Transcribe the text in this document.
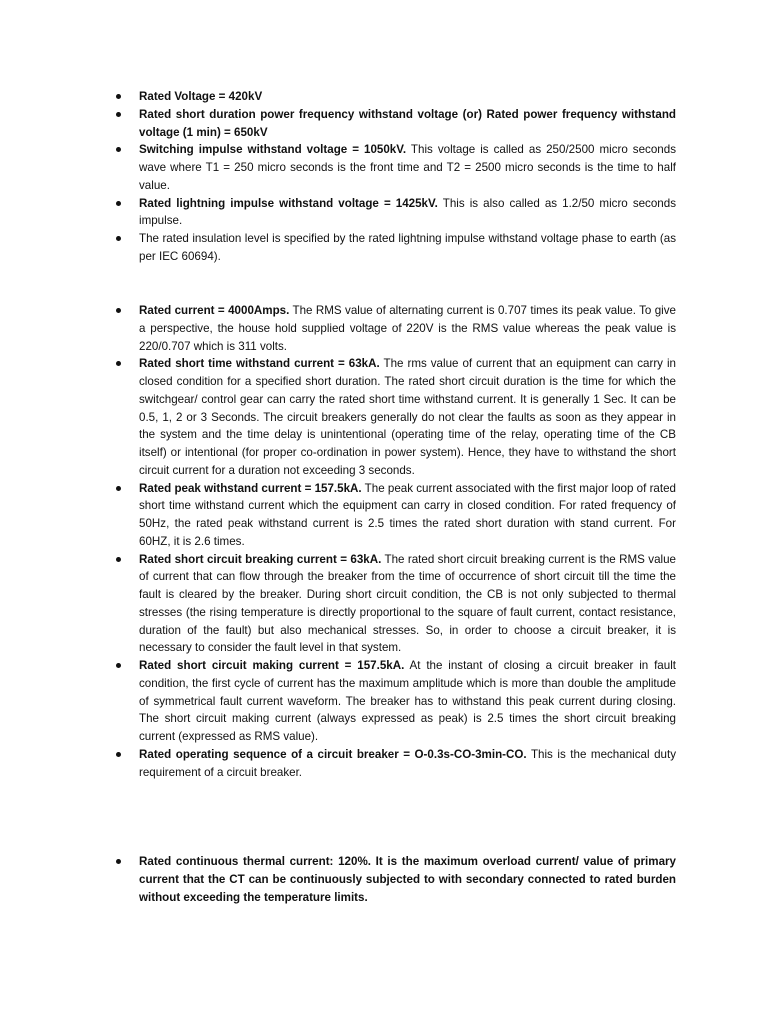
Rated Voltage = 420kV
Rated short duration power frequency withstand voltage (or) Rated power frequency withstand voltage (1 min) = 650kV
Switching impulse withstand voltage = 1050kV. This voltage is called as 250/2500 micro seconds wave where T1 = 250 micro seconds is the front time and T2 = 2500 micro seconds is the time to half value.
Rated lightning impulse withstand voltage = 1425kV. This is also called as 1.2/50 micro seconds impulse.
The rated insulation level is specified by the rated lightning impulse withstand voltage phase to earth (as per IEC 60694).
Rated current = 4000Amps. The RMS value of alternating current is 0.707 times its peak value. To give a perspective, the house hold supplied voltage of 220V is the RMS value whereas the peak value is 220/0.707 which is 311 volts.
Rated short time withstand current = 63kA. The rms value of current that an equipment can carry in closed condition for a specified short duration. The rated short circuit duration is the time for which the switchgear/ control gear can carry the rated short time withstand current. It is generally 1 Sec. It can be 0.5, 1, 2 or 3 Seconds. The circuit breakers generally do not clear the faults as soon as they appear in the system and the time delay is unintentional (operating time of the relay, operating time of the CB itself) or intentional (for proper co-ordination in power system). Hence, they have to withstand the short circuit current for a duration not exceeding 3 seconds.
Rated peak withstand current = 157.5kA. The peak current associated with the first major loop of rated short time withstand current which the equipment can carry in closed condition. For rated frequency of 50Hz, the rated peak withstand current is 2.5 times the rated short duration with stand current. For 60HZ, it is 2.6 times.
Rated short circuit breaking current = 63kA. The rated short circuit breaking current is the RMS value of current that can flow through the breaker from the time of occurrence of short circuit till the time the fault is cleared by the breaker. During short circuit condition, the CB is not only subjected to thermal stresses (the rising temperature is directly proportional to the square of fault current, contact resistance, duration of the fault) but also mechanical stresses. So, in order to choose a circuit breaker, it is necessary to consider the fault level in that system.
Rated short circuit making current = 157.5kA. At the instant of closing a circuit breaker in fault condition, the first cycle of current has the maximum amplitude which is more than double the amplitude of symmetrical fault current waveform. The breaker has to withstand this peak current during closing. The short circuit making current (always expressed as peak) is 2.5 times the short circuit breaking current (expressed as RMS value).
Rated operating sequence of a circuit breaker = O-0.3s-CO-3min-CO. This is the mechanical duty requirement of a circuit breaker.
Rated continuous thermal current: 120%. It is the maximum overload current/ value of primary current that the CT can be continuously subjected to with secondary connected to rated burden without exceeding the temperature limits.
